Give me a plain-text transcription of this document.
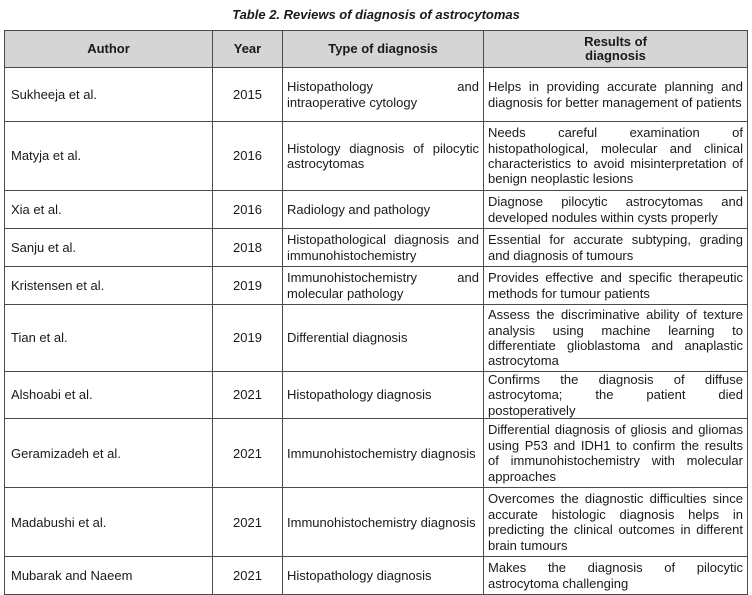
Table 2. Reviews of diagnosis of astrocytomas
Author	Year	Type of diagnosis	Results of diagnosis
Sukheeja et al.	2015	Histopathology and intraoperative cytology	Helps in providing accurate planning and diagnosis for better management of patients
Matyja et al.	2016	Histology diagnosis of pilocytic astrocytomas	Needs careful examination of histopathological, molecular and clinical characteristics to avoid misinterpretation of benign neoplastic lesions
Xia et al.	2016	Radiology and pathology	Diagnose pilocytic astrocytomas and developed nodules within cysts properly
Sanju et al.	2018	Histopathological diagnosis and immunohistochemistry	Essential for accurate subtyping, grading and diagnosis of tumours
Kristensen et al.	2019	Immunohistochemistry and molecular pathology	Provides effective and specific therapeutic methods for tumour patients
Tian et al.	2019	Differential diagnosis	Assess the discriminative ability of texture analysis using machine learning to differentiate glioblastoma and anaplastic astrocytoma
Alshoabi et al.	2021	Histopathology diagnosis	Confirms the diagnosis of diffuse astrocytoma; the patient died postoperatively
Geramizadeh et al.	2021	Immunohistochemistry diagnosis	Differential diagnosis of gliosis and gliomas using P53 and IDH1 to confirm the results of immunohistochemistry with molecular approaches
Madabushi et al.	2021	Immunohistochemistry diagnosis	Overcomes the diagnostic difficulties since accurate histologic diagnosis helps in predicting the clinical outcomes in different brain tumours
Mubarak and Naeem	2021	Histopathology diagnosis	Makes the diagnosis of pilocytic astrocytoma challenging
